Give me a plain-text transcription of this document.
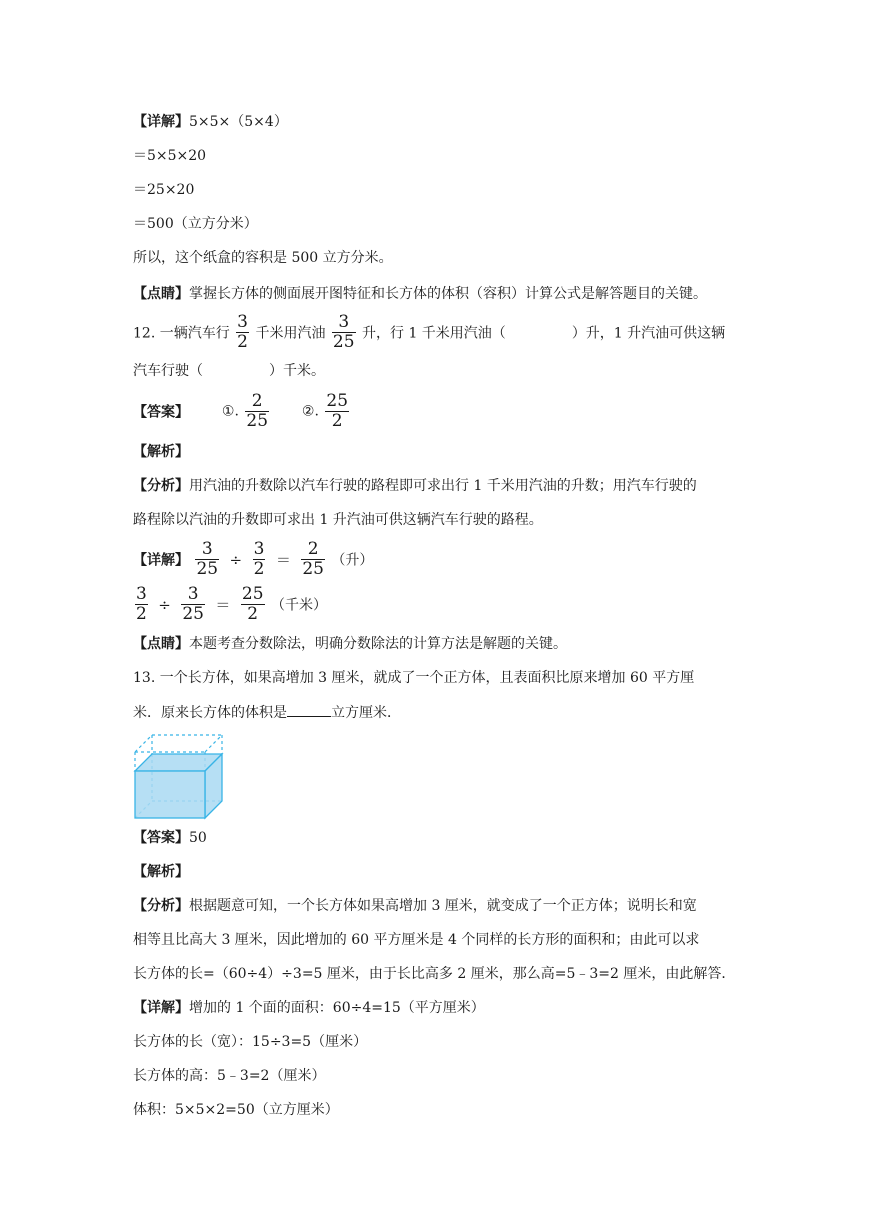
【详解】5×5×（5×4）
＝5×5×20
＝25×20
＝500（立方分米）
所以，这个纸盒的容积是 500 立方分米。
【点睛】掌握长方体的侧面展开图特征和长方体的体积（容积）计算公式是解答题目的关键。
12. 一辆汽车行 $\frac{3}{2}$ 千米用汽油 $\frac{3}{25}$ 升，行 1 千米用汽油（	）升，1 升汽油可供这辆
汽车行驶（	）千米。
【答案】 ①. $\frac{2}{25}$ ②. $\frac{25}{2}$
【解析】
【分析】用汽油的升数除以汽车行驶的路程即可求出行 1 千米用汽油的升数；用汽车行驶的
路程除以汽油的升数即可求出 1 升汽油可供这辆汽车行驶的路程。
【详解】 $\frac{3}{25} \div \frac{3}{2} = \frac{2}{25}$ （升）
$\frac{3}{2} \div \frac{3}{25} = \frac{25}{2}$ （千米）
【点睛】本题考查分数除法，明确分数除法的计算方法是解题的关键。
13. 一个长方体，如果高增加 3 厘米，就成了一个正方体，且表面积比原来增加 60 平方厘
米．原来长方体的体积是	立方厘米．
【答案】50
【解析】
【分析】根据题意可知，一个长方体如果高增加 3 厘米，就变成了一个正方体；说明长和宽
相等且比高大 3 厘米，因此增加的 60 平方厘米是 4 个同样的长方形的面积和；由此可以求
长方体的长=（60÷4）÷3=5 厘米，由于长比高多 2 厘米，那么高=5﹣3=2 厘米，由此解答．
【详解】增加的 1 个面的面积：60÷4=15（平方厘米）
长方体的长（宽）：15÷3=5（厘米）
长方体的高：5﹣3=2（厘米）
体积：5×5×2=50（立方厘米）
